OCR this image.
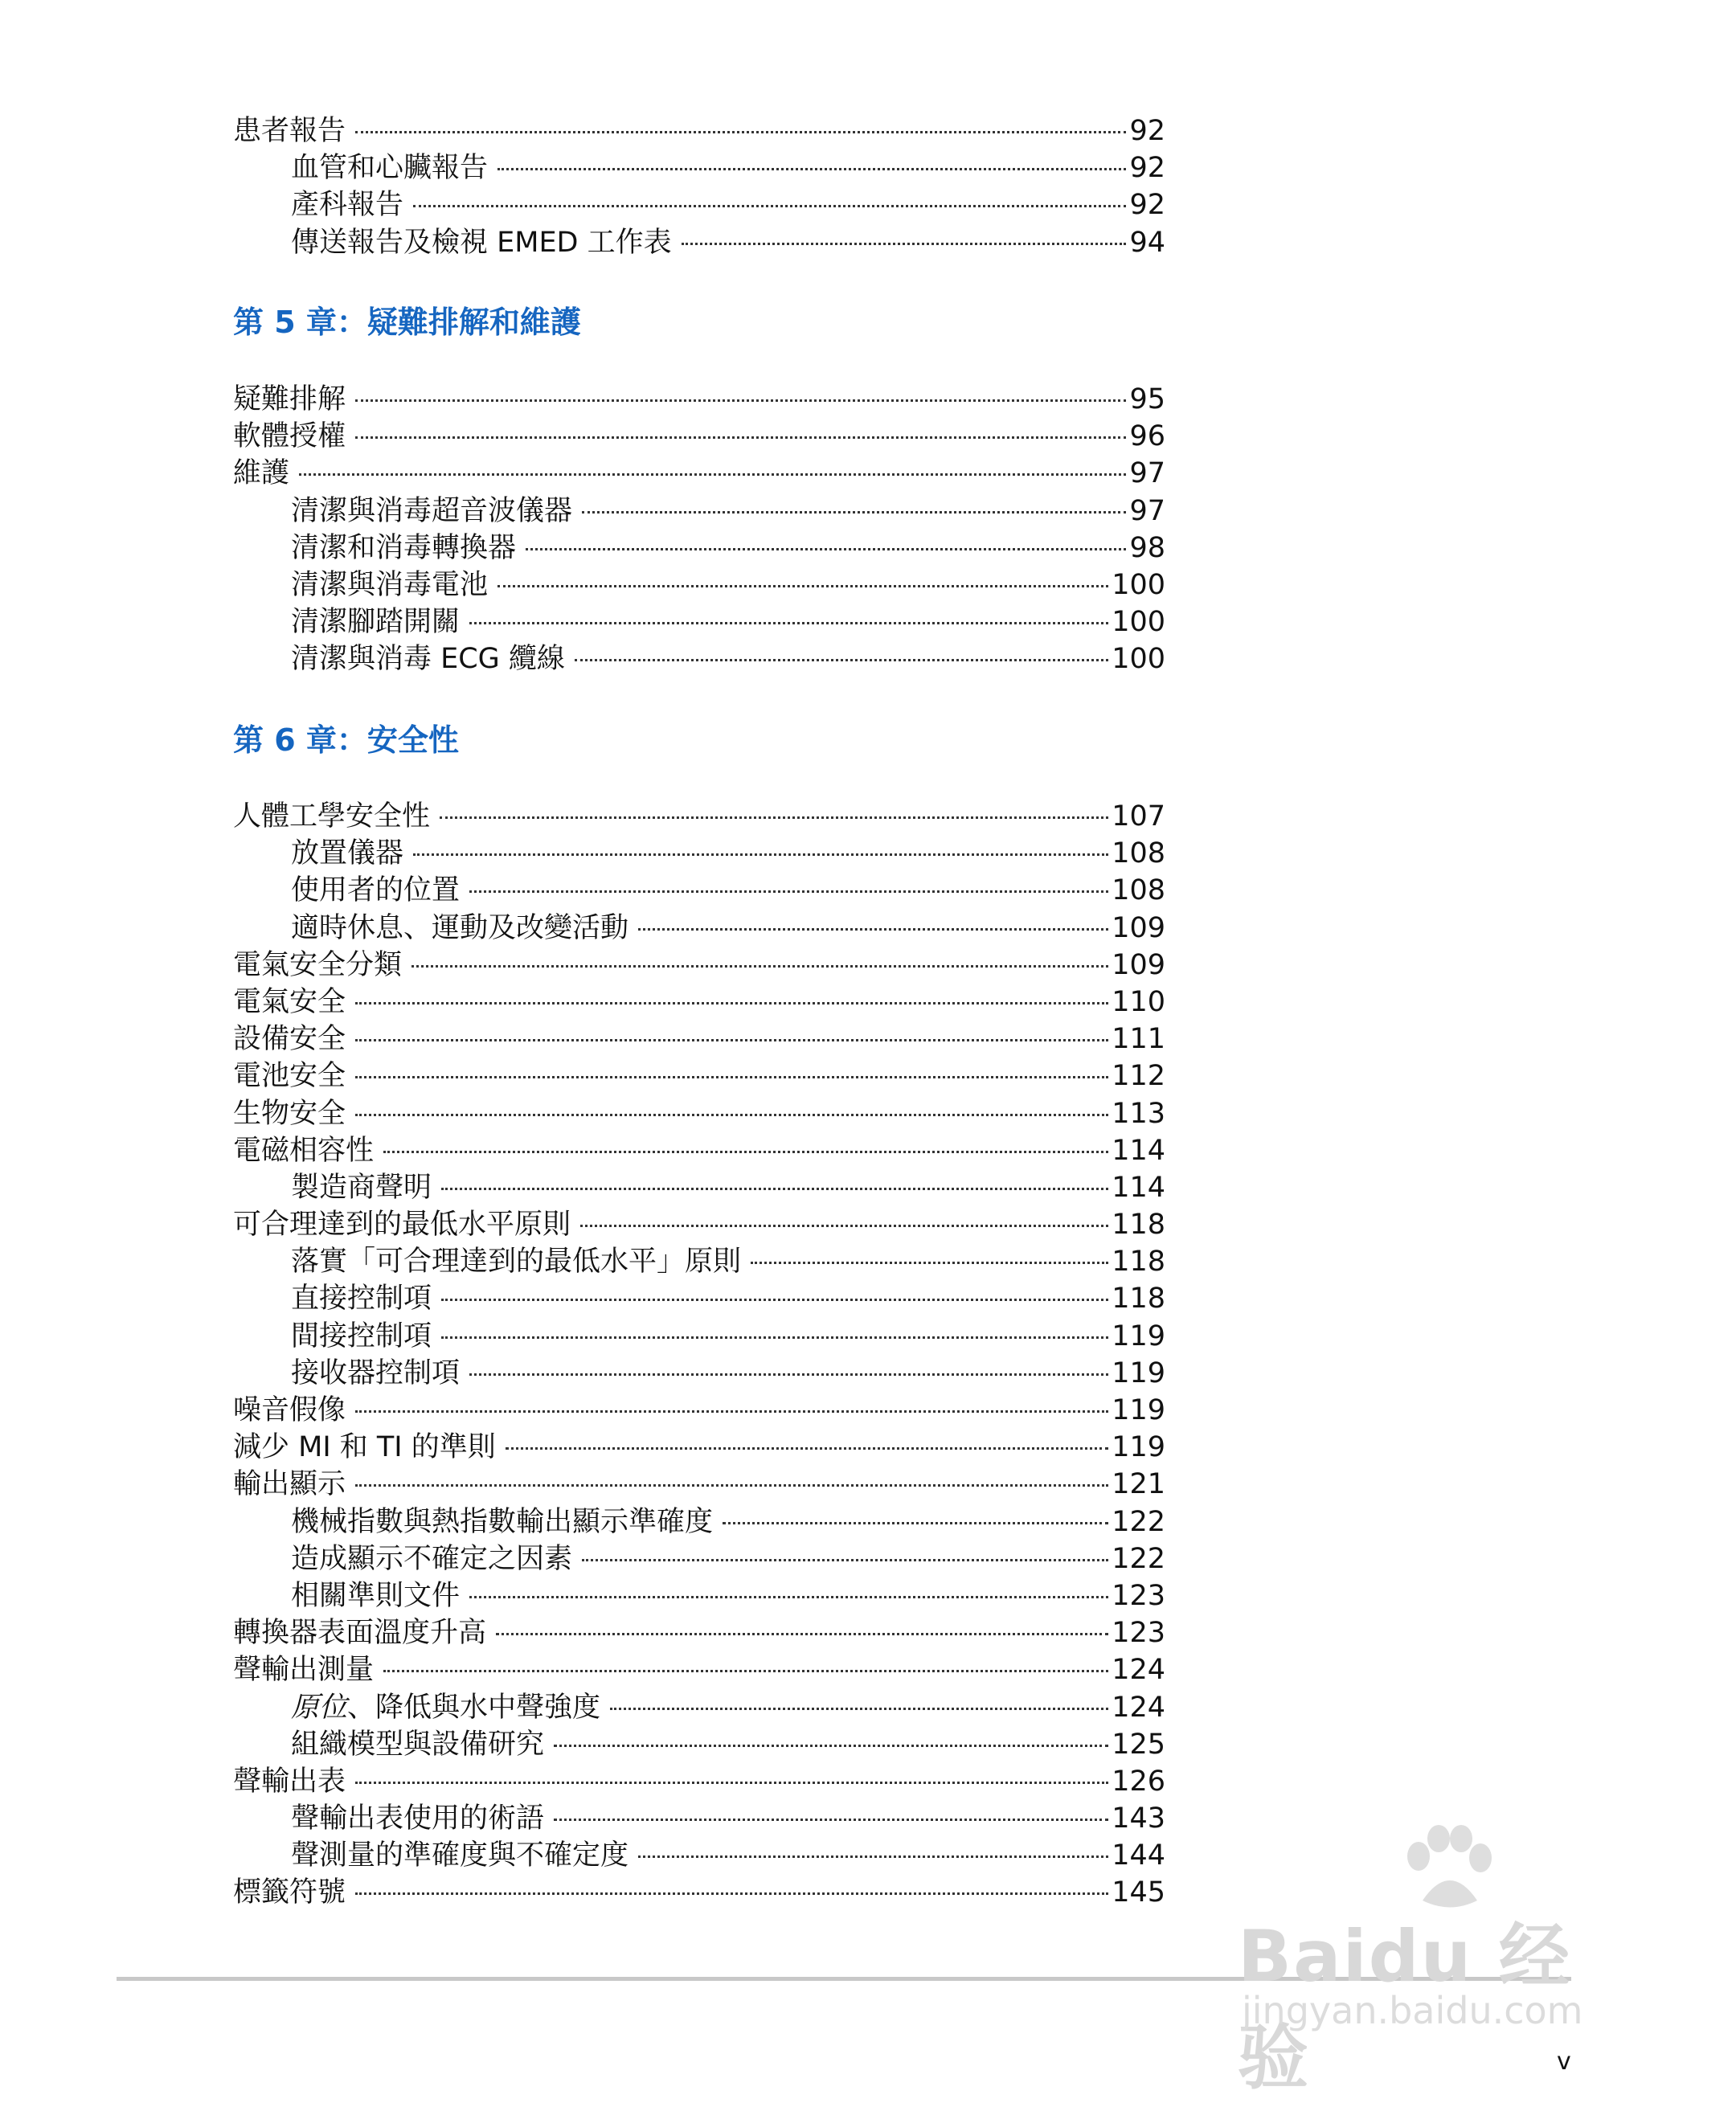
患者報告	92
血管和心臟報告	92
產科報告	92
傳送報告及檢視 EMED 工作表	94
第 5 章：疑難排解和維護
疑難排解	95
軟體授權	96
維護	97
清潔與消毒超音波儀器	97
清潔和消毒轉換器	98
清潔與消毒電池	100
清潔腳踏開關	100
清潔與消毒 ECG 纜線	100
第 6 章：安全性
人體工學安全性	107
放置儀器	108
使用者的位置	108
適時休息、運動及改變活動	109
電氣安全分類	109
電氣安全	110
設備安全	111
電池安全	112
生物安全	113
電磁相容性	114
製造商聲明	114
可合理達到的最低水平原則	118
落實「可合理達到的最低水平」原則	118
直接控制項	118
間接控制項	119
接收器控制項	119
噪音假像	119
減少 MI 和 TI 的準則	119
輸出顯示	121
機械指數與熱指數輸出顯示準確度	122
造成顯示不確定之因素	122
相關準則文件	123
轉換器表面溫度升高	123
聲輸出測量	124
原位、降低與水中聲強度	124
組織模型與設備研究	125
聲輸出表	126
聲輸出表使用的術語	143
聲測量的準確度與不確定度	144
標籤符號	145
Baidu 经验
jingyan.baidu.com
v
